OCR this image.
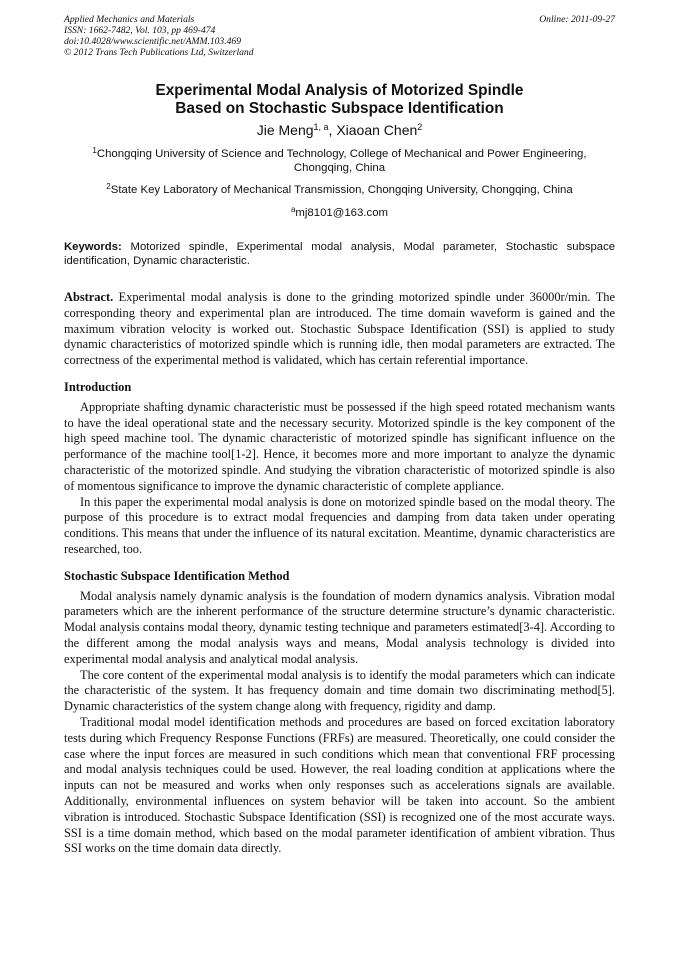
Applied Mechanics and Materials
ISSN: 1662-7482, Vol. 103, pp 469-474
doi:10.4028/www.scientific.net/AMM.103.469
© 2012 Trans Tech Publications Ltd, Switzerland
Online: 2011-09-27
Experimental Modal Analysis of Motorized Spindle
Based on Stochastic Subspace Identification
Jie Meng$^{1, a}$, Xiaoan Chen$^2$
$^1$Chongqing University of Science and Technology, College of Mechanical and Power Engineering, Chongqing, China
$^2$State Key Laboratory of Mechanical Transmission, Chongqing University, Chongqing, China
$^a$mj8101@163.com
Keywords: Motorized spindle, Experimental modal analysis, Modal parameter, Stochastic subspace identification, Dynamic characteristic.
Abstract. Experimental modal analysis is done to the grinding motorized spindle under 36000r/min. The corresponding theory and experimental plan are introduced. The time domain waveform is gained and the maximum vibration velocity is worked out. Stochastic Subspace Identification (SSI) is applied to study dynamic characteristics of motorized spindle which is running idle, then modal parameters are extracted. The correctness of the experimental method is validated, which has certain referential importance.
Introduction

Appropriate shafting dynamic characteristic must be possessed if the high speed rotated mechanism wants to have the ideal operational state and the necessary security. Motorized spindle is the key component of the high speed machine tool. The dynamic characteristic of motorized spindle has significant influence on the performance of the machine tool[1-2]. Hence, it becomes more and more important to analyze the dynamic characteristic of the motorized spindle. And studying the vibration characteristic of motorized spindle is also of momentous significance to improve the dynamic characteristic of complete appliance.

In this paper the experimental modal analysis is done on motorized spindle based on the modal theory. The purpose of this procedure is to extract modal frequencies and damping from data taken under operating conditions. This means that under the influence of its natural excitation. Meantime, dynamic characteristics are researched, too.

Stochastic Subspace Identification Method

Modal analysis namely dynamic analysis is the foundation of modern dynamics analysis. Vibration modal parameters which are the inherent performance of the structure determine structure’s dynamic characteristic. Modal analysis contains modal theory, dynamic testing technique and parameters estimated[3-4]. According to the different among the modal analysis ways and means, Modal analysis technology is divided into experimental modal analysis and analytical modal analysis.

The core content of the experimental modal analysis is to identify the modal parameters which can indicate the characteristic of the system. It has frequency domain and time domain two discriminating method[5]. Dynamic characteristics of the system change along with frequency, rigidity and damp.

Traditional modal model identification methods and procedures are based on forced excitation laboratory tests during which Frequency Response Functions (FRFs) are measured. Theoretically, one could consider the case where the input forces are measured in such conditions which mean that conventional FRF processing and modal analysis techniques could be used. However, the real loading condition at applications where the inputs can not be measured and works when only responses such as accelerations signals are available. Additionally, environmental influences on system behavior will be taken into account. So the ambient vibration is introduced. Stochastic Subspace Identification (SSI) is recognized one of the most accurate ways. SSI is a time domain method, which based on the modal parameter identification of ambient vibration. Thus SSI works on the time domain data directly.
